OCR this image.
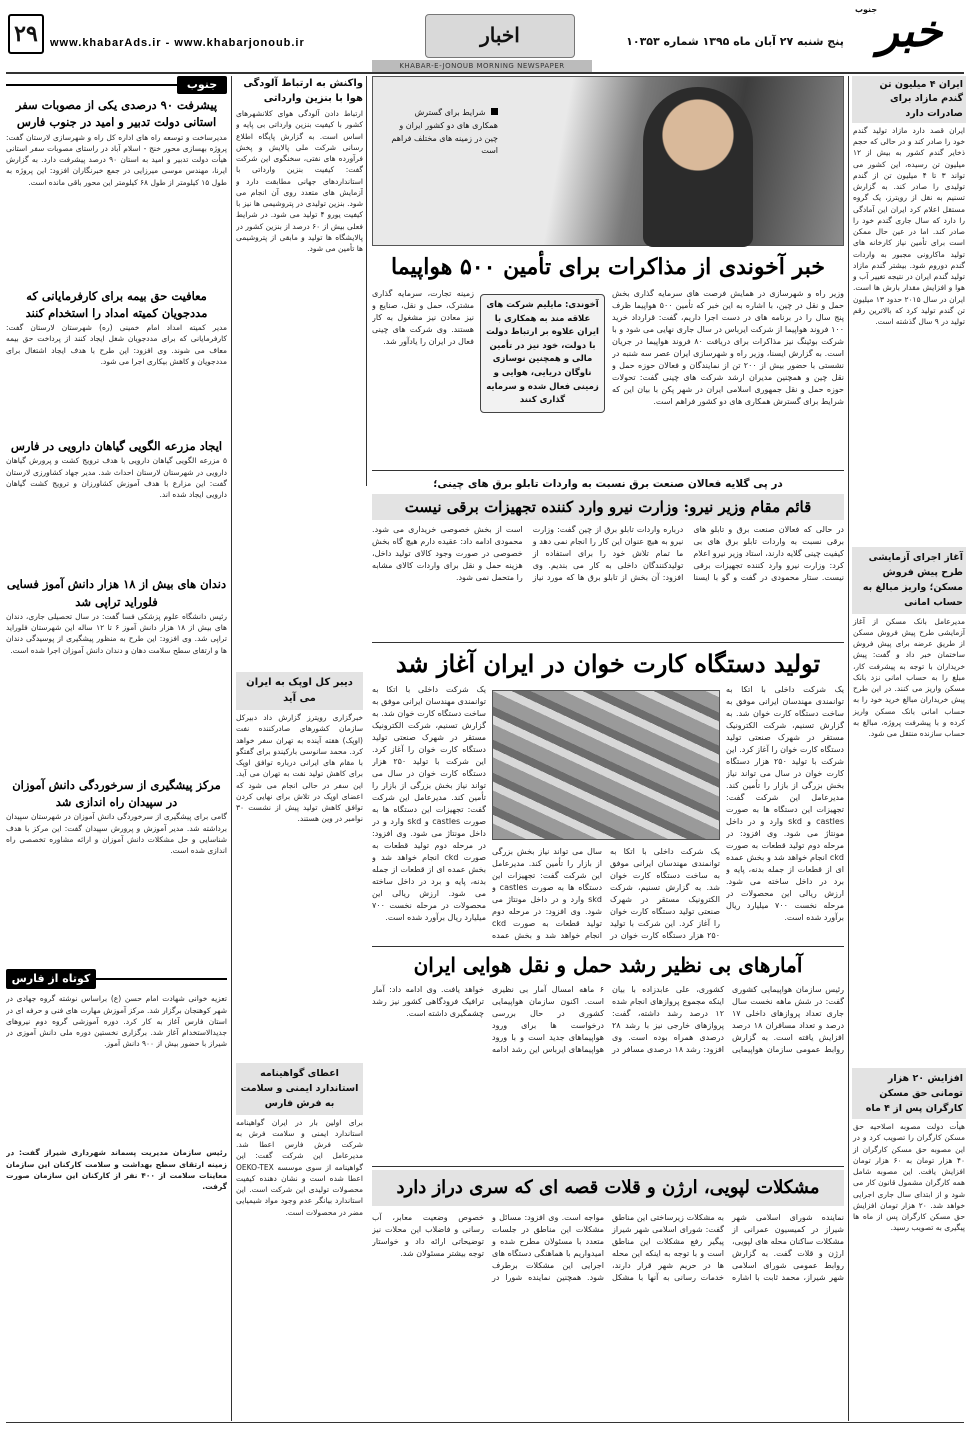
۲۹	www.khabarAds.ir - www.khabarjonoub.ir	اخبار	پنج شنبه ۲۷ آبان ماه ۱۳۹۵ شماره ۱۰۳۵۳ خبر
جنوب
KHABAR-E-JONOUB MORNING NEWSPAPER
ایران ۴ میلیون تن گندم مازاد برای صادرات دارد
ایران قصد دارد مازاد تولید گندم خود را صادر کند و در حالی که حجم ذخایر گندم کشور به بیش از ۱۲ میلیون تن رسیده، این کشور می تواند ۳ تا ۴ میلیون تن از گندم تولیدی را صادر کند. به گزارش تسنیم به نقل از رویترز، یک گروه مستقل اعلام کرد ایران این آمادگی را دارد که سال جاری گندم خود را صادر کند. اما در عین حال ممکن است برای تأمین نیاز کارخانه های تولید ماکارونی مجبور به واردات گندم دوروم شود. بیشتر گندم مازاد تولید گندم ایران در نتیجه تغییر آب و هوا و افزایش مقدار بارش ها است. ایران در سال ۲۰۱۵ حدود ۱۳ میلیون تن گندم تولید کرد که بالاترین رقم تولید در ۹ سال گذشته است.
آغاز اجرای آزمایشی طرح پیش فروش مسکن؛ واریز مبالغ به حساب امانی
مدیرعامل بانک مسکن از آغاز آزمایشی طرح پیش فروش مسکن از طریق عرضه برای پیش فروش ساختمان خبر داد و گفت: پیش خریداران با توجه به پیشرفت کار، مبلغ را به حساب امانی نزد بانک مسکن واریز می کنند. در این طرح پیش خریداران مبالغ خرید خود را به حساب امانی بانک مسکن واریز کرده و با پیشرفت پروژه، مبالغ به حساب سازنده منتقل می شود.
افزایش ۲۰ هزار تومانی حق مسکن کارگران پس از ۴ ماه
هیأت دولت مصوبه اصلاحیه حق مسکن کارگران را تصویب کرد و در این مصوبه حق مسکن کارگران از ۴۰ هزار تومان به ۶۰ هزار تومان افزایش یافت. این مصوبه شامل همه کارگران مشمول قانون کار می شود و از ابتدای سال جاری اجرایی خواهد شد. ۲۰ هزار تومان افزایش حق مسکن کارگران پس از ماه ها پیگیری به تصویب رسید.
شرایط برای گسترش همکاری های دو کشور ایران و چین در زمینه های مختلف فراهم است
خبر آخوندی از مذاکرات برای تأمین ۵۰۰ هواپیما
وزیر راه و شهرسازی در همایش فرصت های سرمایه گذاری بخش حمل و نقل در چین، با اشاره به این خبر که تأمین ۵۰۰ هواپیما ظرف پنج سال را در برنامه های در دست اجرا داریم، گفت: قرارداد خرید ۱۰۰ فروند هواپیما از شرکت ایرباس در سال جاری نهایی می شود و با شرکت بوئینگ نیز مذاکرات برای دریافت ۸۰ فروند هواپیما در جریان است. به گزارش ایسنا، وزیر راه و شهرسازی ایران عصر سه شنبه در نشستی با حضور بیش از ۲۰۰ تن از نمایندگان و فعالان حوزه حمل و نقل چین و همچنین مدیران ارشد شرکت های چینی گفت: تحولات حوزه حمل و نقل جمهوری اسلامی ایران در شهر پکن با بیان این که شرایط برای گسترش همکاری های دو کشور فراهم است.
آخوندی: مایلیم شرکت های علاقه مند به همکاری با ایران علاوه بر ارتباط دولت با دولت، خود نیز در تأمین مالی و همچنین نوسازی ناوگان دریایی، هوایی و زمینی فعال شده و سرمایه گذاری کنند
زمینه تجارت، سرمایه گذاری مشترک، حمل و نقل، صنایع و نیز معادن نیز مشغول به کار هستند. وی شرکت های چینی فعال در ایران را یادآور شد.
واکنش به ارتباط آلودگی هوا با بنزین وارداتی
ارتباط دادن آلودگی هوای کلانشهرهای کشور با کیفیت بنزین وارداتی بی پایه و اساس است. به گزارش پایگاه اطلاع رسانی شرکت ملی پالایش و پخش فرآورده های نفتی، سخنگوی این شرکت گفت: کیفیت بنزین وارداتی با استانداردهای جهانی مطابقت دارد و آزمایش های متعدد روی آن انجام می شود. بنزین تولیدی در پتروشیمی ها نیز با کیفیت یورو ۴ تولید می شود. در شرایط فعلی بیش از ۶۰ درصد از بنزین کشور در پالایشگاه ها تولید و مابقی از پتروشیمی ها تأمین می شود.
دیبر کل اوپک به ایران می آید
خبرگزاری رویترز گزارش داد دبیرکل سازمان کشورهای صادرکننده نفت (اوپک) هفته آینده به تهران سفر خواهد کرد. محمد سانوسی بارکیندو برای گفتگو با مقام های ایرانی درباره توافق اوپک برای کاهش تولید نفت به تهران می آید. این سفر در حالی انجام می شود که اعضای اوپک در تلاش برای نهایی کردن توافق کاهش تولید پیش از نشست ۳۰ نوامبر در وین هستند.
اعطای گواهینامه استاندارد ایمنی و سلامت به فرش فارس
برای اولین بار در ایران گواهینامه استاندارد ایمنی و سلامت فرش به شرکت فرش فارس اعطا شد. مدیرعامل این شرکت گفت: این گواهینامه از سوی موسسه OEKO-TEX اعطا شده است و نشان دهنده کیفیت محصولات تولیدی این شرکت است. این استاندارد بیانگر عدم وجود مواد شیمیایی مضر در محصولات است.
در پی گلایه فعالان صنعت برق نسبت به واردات تابلو برق های چینی؛
قائم مقام وزیر نیرو: وزارت نیرو وارد کننده تجهیزات برقی نیست
در حالی که فعالان صنعت برق و تابلو های برقی نسبت به واردات تابلو برق های بی کیفیت چینی گلایه دارند، استاد وزیر نیرو اعلام کرد: وزارت نیرو وارد کننده تجهیزات برقی نیست. ستار محمودی در گفت و گو با ایسنا درباره واردات تابلو برق از چین گفت: وزارت نیرو به هیچ عنوان این کار را انجام نمی دهد و ما تمام تلاش خود را برای استفاده از تولیدکنندگان داخلی به کار می بندیم. وی افزود: آن بخش از تابلو برق ها که مورد نیاز است از بخش خصوصی خریداری می شود. محمودی ادامه داد: عقیده دارم هیچ گاه بخش خصوصی در صورت وجود کالای تولید داخل، هزینه حمل و نقل برای واردات کالای مشابه را متحمل نمی شود.
تولید دستگاه کارت خوان در ایران آغاز شد
یک شرکت داخلی با اتکا به توانمندی مهندسان ایرانی موفق به ساخت دستگاه کارت خوان شد. به گزارش تسنیم، شرکت الکترونیک مستقر در شهرک صنعتی تولید دستگاه کارت خوان را آغاز کرد. این شرکت با تولید ۲۵۰ هزار دستگاه کارت خوان در سال می تواند نیاز بخش بزرگی از بازار را تأمین کند. مدیرعامل این شرکت گفت: تجهیزات این دستگاه ها به صورت castles و skd وارد و در داخل مونتاژ می شود. وی افزود: در مرحله دوم تولید قطعات به صورت ckd انجام خواهد شد و بخش عمده ای از قطعات از جمله بدنه، پایه و برد در داخل ساخته می شود. ارزش ریالی این محصولات در مرحله نخست ۷۰۰ میلیارد ریال برآورد شده است.
یک شرکت داخلی با اتکا به توانمندی مهندسان ایرانی موفق به ساخت دستگاه کارت خوان شد. به گزارش تسنیم، شرکت الکترونیک مستقر در شهرک صنعتی تولید دستگاه کارت خوان را آغاز کرد. این شرکت با تولید ۲۵۰ هزار دستگاه کارت خوان در سال می تواند نیاز بخش بزرگی از بازار را تأمین کند. مدیرعامل این شرکت گفت: تجهیزات این دستگاه ها به صورت castles و skd وارد و در داخل مونتاژ می شود. وی افزود: در مرحله دوم تولید قطعات به صورت ckd انجام خواهد شد و بخش عمده ای از قطعات از جمله بدنه، پایه و برد در داخل ساخته می شود. ارزش ریالی این محصولات در مرحله نخست ۷۰۰ میلیارد ریال برآورد شده است.
یک شرکت داخلی با اتکا به توانمندی مهندسان ایرانی موفق به ساخت دستگاه کارت خوان شد. به گزارش تسنیم، شرکت الکترونیک مستقر در شهرک صنعتی تولید دستگاه کارت خوان را آغاز کرد. این شرکت با تولید ۲۵۰ هزار دستگاه کارت خوان در سال می تواند نیاز بخش بزرگی از بازار را تأمین کند. مدیرعامل این شرکت گفت: تجهیزات این دستگاه ها به صورت castles و skd وارد و در داخل مونتاژ می شود. وی افزود: در مرحله دوم تولید قطعات به صورت ckd انجام خواهد شد و بخش عمده
آمارهای بی نظیر رشد حمل و نقل هوایی ایران
رئیس سازمان هواپیمایی کشوری گفت: در شش ماهه نخست سال جاری تعداد پروازهای داخلی ۱۷ درصد و تعداد مسافران ۱۸ درصد افزایش یافته است. به گزارش روابط عمومی سازمان هواپیمایی کشوری، علی عابدزاده با بیان اینکه مجموع پروازهای انجام شده ۱۲ درصد رشد داشته، گفت: پروازهای خارجی نیز با رشد ۲۸ درصدی همراه بوده است. وی افزود: رشد ۱۸ درصدی مسافر در ۶ ماهه امسال آمار بی نظیری است. اکنون سازمان هواپیمایی کشوری در حال بررسی درخواست ها برای ورود هواپیماهای جدید است و با ورود هواپیماهای ایرباس این رشد ادامه خواهد یافت. وی ادامه داد: آمار ترافیک فرودگاهی کشور نیز رشد چشمگیری داشته است.
مشکلات لپویی، ارژن و قلات قصه ای که سری دراز دارد
نماینده شورای اسلامی شهر شیراز در کمیسیون عمرانی از مشکلات ساکنان محله های لپویی، ارژن و قلات گفت. به گزارش روابط عمومی شورای اسلامی شهر شیراز، محمد ثابت با اشاره به مشکلات زیرساختی این مناطق گفت: شورای اسلامی شهر شیراز پیگیر رفع مشکلات این مناطق است و با توجه به اینکه این محله ها در حریم شهر قرار دارند، خدمات رسانی به آنها با مشکل مواجه است. وی افزود: مسائل و مشکلات این مناطق در جلسات متعدد با مسئولان مطرح شده و امیدواریم با هماهنگی دستگاه های اجرایی این مشکلات برطرف شود. همچنین نماینده شورا در خصوص وضعیت معابر، آب رسانی و فاضلاب این محلات نیز توضیحاتی ارائه داد و خواستار توجه بیشتر مسئولان شد.
جنوب
پیشرفت ۹۰ درصدی یکی از مصوبات سفر استانی دولت تدبیر و امید در جنوب فارس
مدیرساخت و توسعه راه های اداره کل راه و شهرسازی لارستان گفت: پروژه بهسازی محور خنج - اسلام آباد در راستای مصوبات سفر استانی هیأت دولت تدبیر و امید به استان ۹۰ درصد پیشرفت دارد. به گزارش ایرنا، مهندس موسی میرزایی در جمع خبرنگاران افزود: این پروژه به طول ۱۵ کیلومتر از طول ۶۸ کیلومتر این محور باقی مانده است.
معافیت حق بیمه برای کارفرمایانی که مددجویان کمیته امداد را استخدام کنند
مدیر کمیته امداد امام خمینی (ره) شهرستان لارستان گفت: کارفرمایانی که برای مددجویان شغل ایجاد کنند از پرداخت حق بیمه معاف می شوند. وی افزود: این طرح با هدف ایجاد اشتغال برای مددجویان و کاهش بیکاری اجرا می شود.
ایجاد مزرعه الگویی گیاهان دارویی در فارس
۵ مزرعه الگویی گیاهان دارویی با هدف ترویج کشت و پرورش گیاهان دارویی در شهرستان لارستان احداث شد. مدیر جهاد کشاورزی لارستان گفت: این مزارع با هدف آموزش کشاورزان و ترویج کشت گیاهان دارویی ایجاد شده اند.
دندان های بیش از ۱۸ هزار دانش آموز فسایی فلوراید تراپی شد
رئیس دانشگاه علوم پزشکی فسا گفت: در سال تحصیلی جاری، دندان های بیش از ۱۸ هزار دانش آموز ۶ تا ۱۲ ساله این شهرستان فلوراید تراپی شد. وی افزود: این طرح به منظور پیشگیری از پوسیدگی دندان ها و ارتقای سطح سلامت دهان و دندان دانش آموزان اجرا شده است.
مرکز پیشگیری از سرخوردگی دانش آموزان در سپیدان راه اندازی شد
گامی برای پیشگیری از سرخوردگی دانش آموزان در شهرستان سپیدان برداشته شد. مدیر آموزش و پرورش سپیدان گفت: این مرکز با هدف شناسایی و حل مشکلات دانش آموزان و ارائه مشاوره تخصصی راه اندازی شده است.
کوتاه از فارس
تعزیه خوانی شهادت امام حسن (ع) براساس نوشته گروه جهادی در شهر کوهنجان برگزار شد. مرکز آموزش مهارت های فنی و حرفه ای در استان فارس آغاز به کار کرد. دوره آموزشی گروه دوم نیروهای جدیدالاستخدام آغاز شد. برگزاری نخستین دوره ملی دانش آموزی در شیراز با حضور بیش از ۹۰۰ دانش آموز.
رئیس سازمان مدیریت پسماند شهرداری شیراز گفت: در زمینه ارتقای سطح بهداشت و سلامت کارکنان این سازمان معاینات سلامت از ۴۰۰ نفر از کارکنان این سازمان صورت گرفت.
